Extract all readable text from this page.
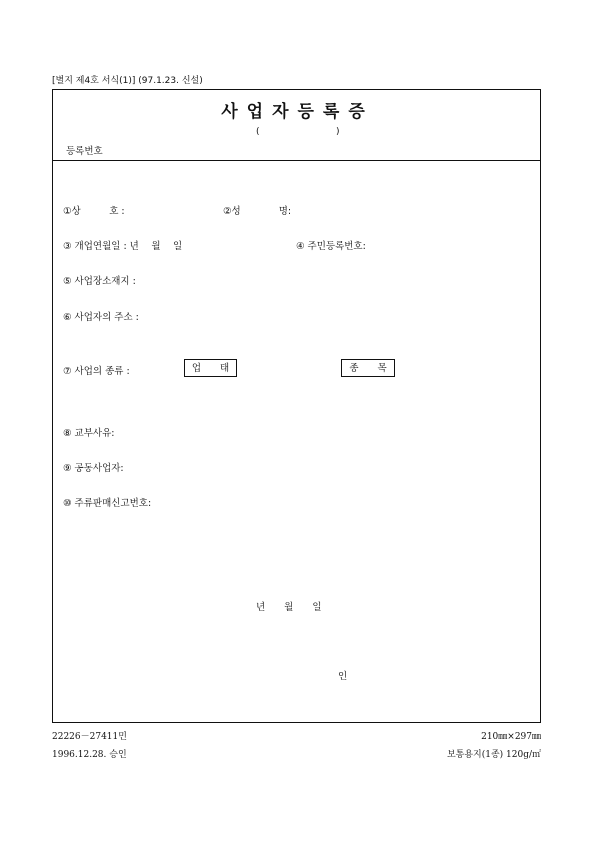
[별지 제4호 서식(1)] (97.1.23. 신설)
사업자등록증
(	)
등록번호
①상　　　호 :	②성　　　　명:
③ 개업연월일 : 년　 월　 일	④ 주민등록번호:
⑤ 사업장소재지 :
⑥ 사업자의 주소 :
⑦ 사업의 종류 :	업　　태	종　　목
⑧ 교부사유:
⑨ 공동사업자:
⑩ 주류판매신고번호:
년　　월　　일
인
22226－27411민	210㎜×297㎜
1996.12.28. 승인	보통용지(1종) 120g/㎡
